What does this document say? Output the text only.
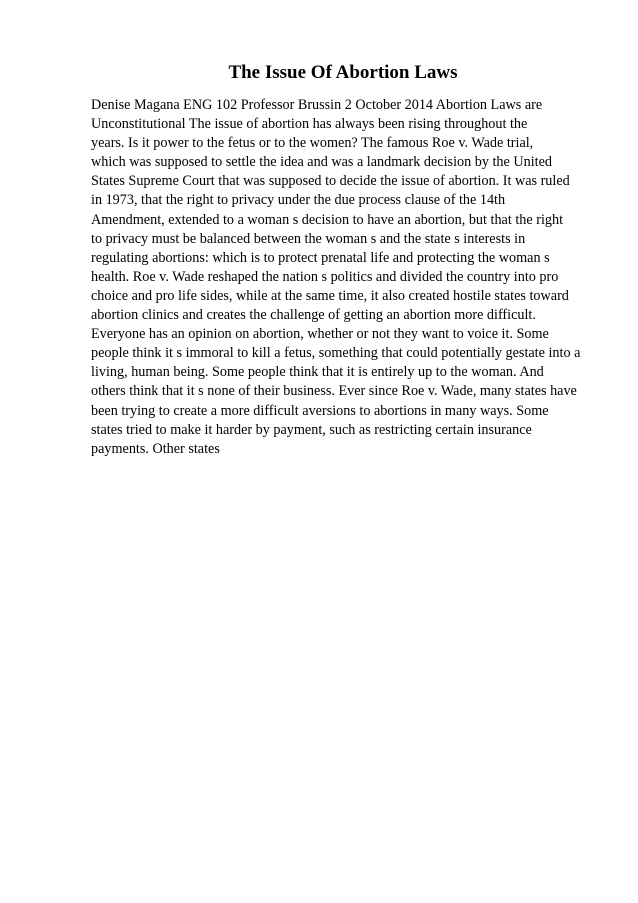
The Issue Of Abortion Laws
Denise Magana ENG 102 Professor Brussin 2 October 2014 Abortion Laws are
Unconstitutional The issue of abortion has always been rising throughout the
years. Is it power to the fetus or to the women? The famous Roe v. Wade trial,
which was supposed to settle the idea and was a landmark decision by the United
States Supreme Court that was supposed to decide the issue of abortion. It was ruled
in 1973, that the right to privacy under the due process clause of the 14th
Amendment, extended to a woman s decision to have an abortion, but that the right
to privacy must be balanced between the woman s and the state s interests in
regulating abortions: which is to protect prenatal life and protecting the woman s
health. Roe v. Wade reshaped the nation s politics and divided the country into pro
choice and pro life sides, while at the same time, it also created hostile states toward
abortion clinics and creates the challenge of getting an abortion more difficult.
Everyone has an opinion on abortion, whether or not they want to voice it. Some
people think it s immoral to kill a fetus, something that could potentially gestate into a
living, human being. Some people think that it is entirely up to the woman. And
others think that it s none of their business. Ever since Roe v. Wade, many states have
been trying to create a more difficult aversions to abortions in many ways. Some
states tried to make it harder by payment, such as restricting certain insurance
payments. Other states
